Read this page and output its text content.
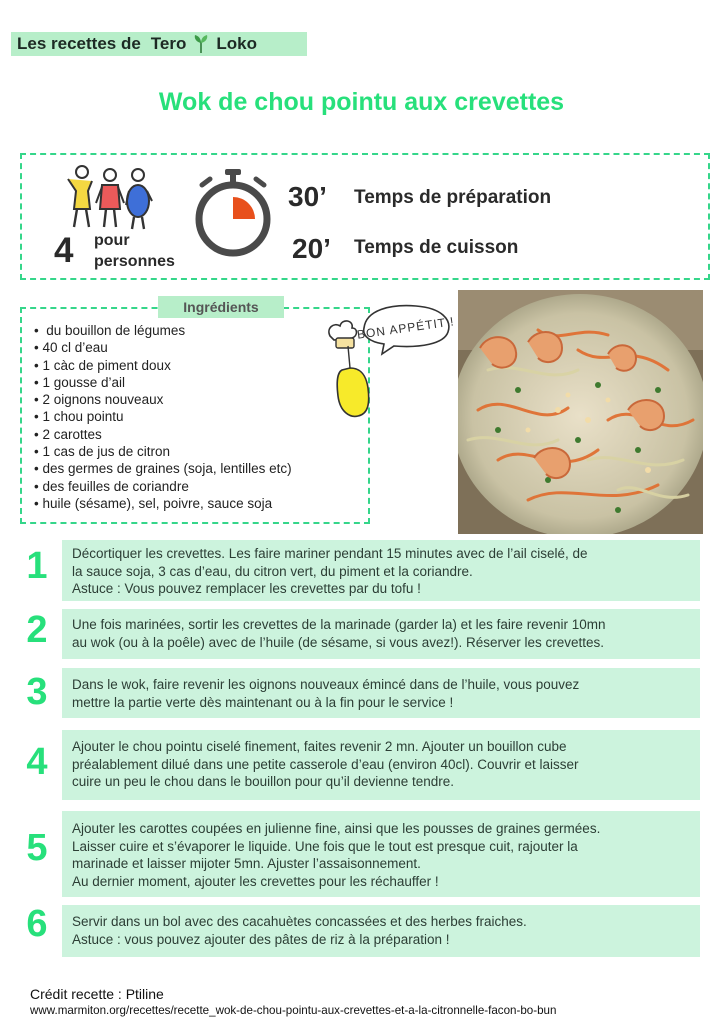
Les recettes de Tero Loko
Wok de chou pointu aux crevettes
4 pour
personnes
30’ Temps de préparation
20’ Temps de cuisson
Ingrédients
•  du bouillon de légumes
• 40 cl d’eau
• 1 càc de piment doux
• 1 gousse d’ail
• 2 oignons nouveaux
• 1 chou pointu
• 2 carottes
• 1 cas de jus de citron
• des germes de graines (soja, lentilles etc)
• des feuilles de coriandre
• huile (sésame), sel, poivre, sauce soja
BON APPÉTIT !
1	Décortiquer les crevettes. Les faire mariner pendant 15 minutes avec de l’ail ciselé, de
la sauce soja, 3 cas d’eau, du citron vert, du piment et la coriandre.
Astuce : Vous pouvez remplacer les crevettes par du tofu !
2	Une fois marinées, sortir les crevettes de la marinade (garder la) et les faire revenir 10mn
au wok (ou à la poêle) avec de l’huile (de sésame, si vous avez!). Réserver les crevettes.
3	Dans le wok, faire revenir les oignons nouveaux émincé dans de l’huile, vous pouvez
mettre la partie verte dès maintenant ou à la fin pour le service !
4	Ajouter le chou pointu ciselé finement, faites revenir 2 mn. Ajouter un bouillon cube
préalablement dilué dans une petite casserole d’eau (environ 40cl). Couvrir et laisser
cuire un peu le chou dans le bouillon pour qu’il devienne tendre.
5	Ajouter les carottes coupées en julienne fine, ainsi que les pousses de graines germées.
Laisser cuire et s’évaporer le liquide. Une fois que le tout est presque cuit, rajouter la
marinade et laisser mijoter 5mn. Ajuster l’assaisonnement.
Au dernier moment, ajouter les crevettes pour les réchauffer !
6	Servir dans un bol avec des cacahuètes concassées et des herbes fraiches.
Astuce : vous pouvez ajouter des pâtes de riz à la préparation !
Crédit recette : Ptiline
www.marmiton.org/recettes/recette_wok-de-chou-pointu-aux-crevettes-et-a-la-citronnelle-facon-bo-bun
